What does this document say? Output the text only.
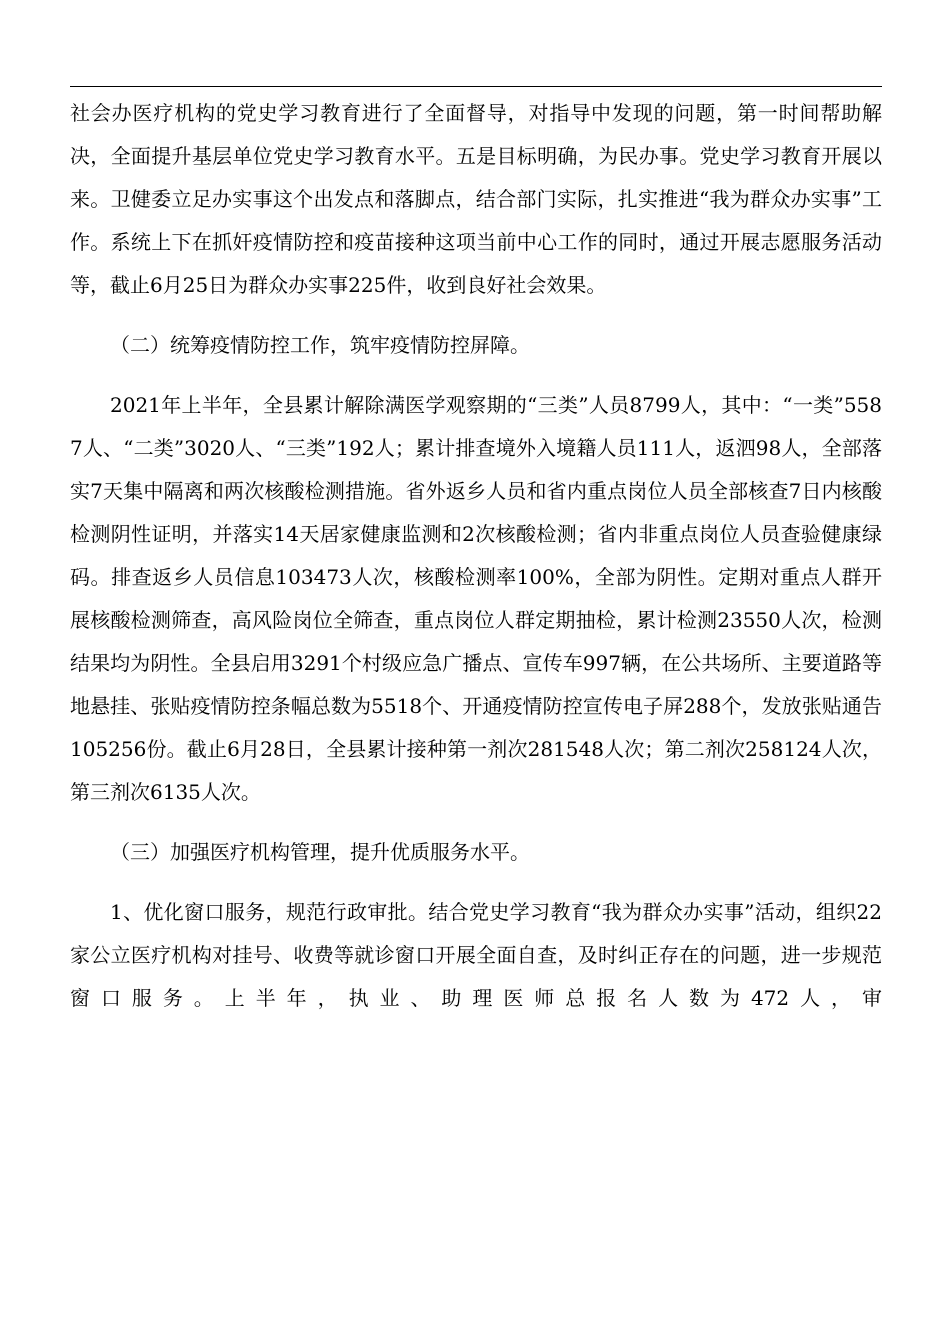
社会办医疗机构的党史学习教育进行了全面督导，对指导中发现的问题，第一时间帮助解决，全面提升基层单位党史学习教育水平。五是目标明确，为民办事。党史学习教育开展以来。卫健委立足办实事这个出发点和落脚点，结合部门实际，扎实推进“我为群众办实事”工作。系统上下在抓奸疫情防控和疫苗接种这项当前中心工作的同时，通过开展志愿服务活动等，截止6月25日为群众办实事225件，收到良好社会效果。

（二）统筹疫情防控工作，筑牢疫情防控屏障。

2021年上半年，全县累计解除满医学观察期的“三类”人员8799人，其中：“一类”5587人、“二类”3020人、“三类”192人；累计排查境外入境籍人员111人，返泗98人，全部落实7天集中隔离和两次核酸检测措施。省外返乡人员和省内重点岗位人员全部核查7日内核酸检测阴性证明，并落实14天居家健康监测和2次核酸检测；省内非重点岗位人员查验健康绿码。排查返乡人员信息103473人次，核酸检测率100%，全部为阴性。定期对重点人群开展核酸检测筛查，高风险岗位全筛查，重点岗位人群定期抽检，累计检测23550人次，检测结果均为阴性。全县启用3291个村级应急广播点、宣传车997辆，在公共场所、主要道路等地悬挂、张贴疫情防控条幅总数为5518个、开通疫情防控宣传电子屏288个，发放张贴通告105256份。截止6月28日，全县累计接种第一剂次281548人次；第二剂次258124人次，第三剂次6135人次。

（三）加强医疗机构管理，提升优质服务水平。

1、优化窗口服务，规范行政审批。结合党史学习教育“我为群众办实事”活动，组织22家公立医疗机构对挂号、收费等就诊窗口开展全面自查，及时纠正存在的问题，进一步规范窗口服务。上半年，执业、助理医师总报名人数为472人，审
